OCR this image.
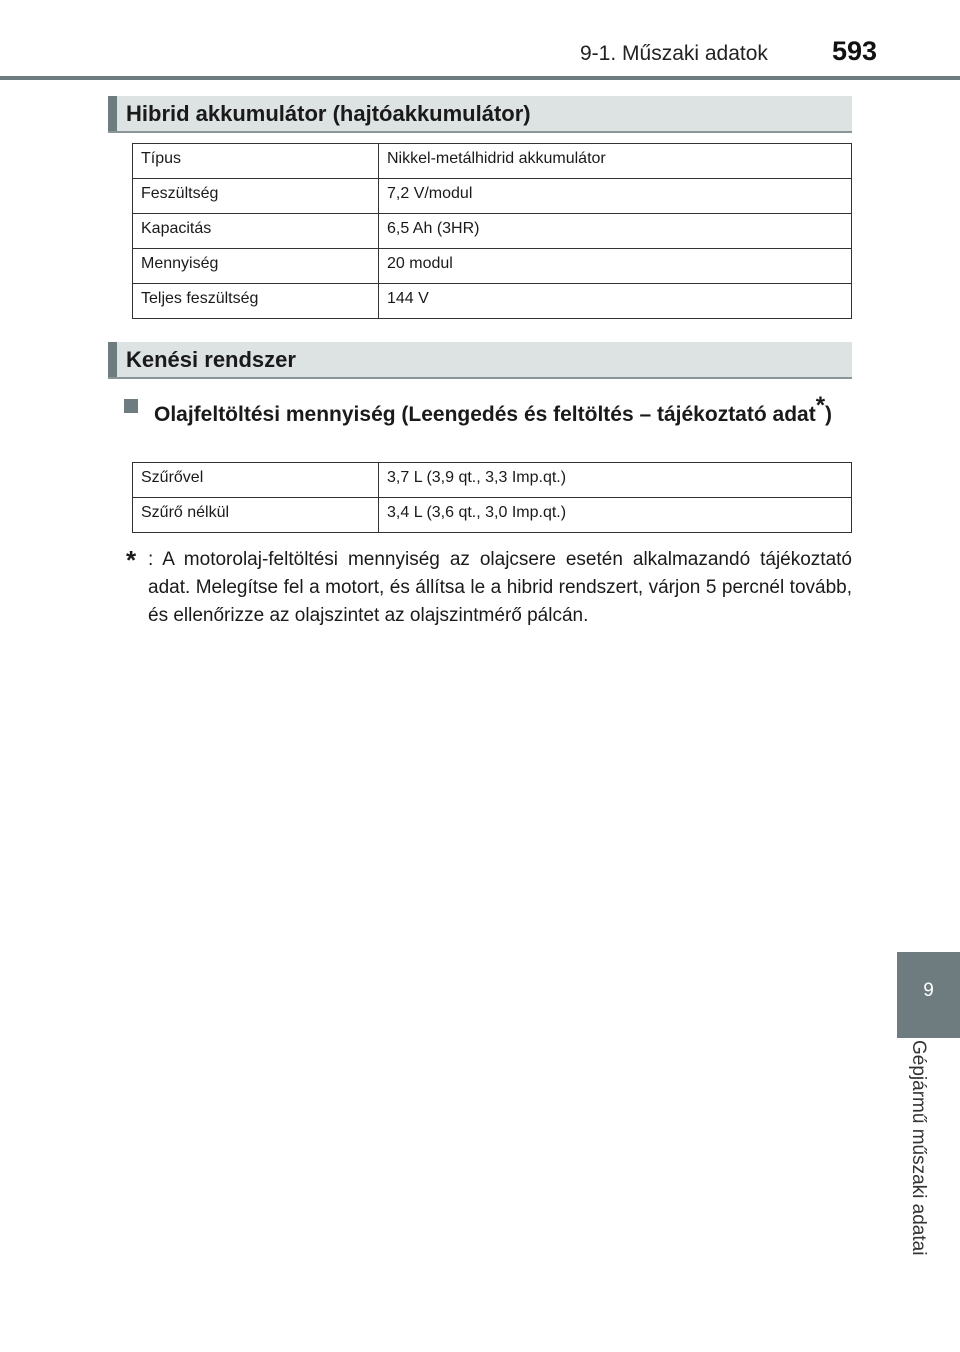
9-1. Műszaki adatok 593
Hibrid akkumulátor (hajtóakkumulátor)
Típus	Nikkel-metálhidrid akkumulátor
Feszültség	7,2 V/modul
Kapacitás	6,5 Ah (3HR)
Mennyiség	20 modul
Teljes feszültség	144 V
Kenési rendszer
Olajfeltöltési mennyiség (Leengedés és feltöltés – tájékoztató adat*)
Szűrővel	3,7 L (3,9 qt., 3,3 Imp.qt.)
Szűrő nélkül	3,4 L (3,6 qt., 3,0 Imp.qt.)
* : A motorolaj-feltöltési mennyiség az olajcsere esetén alkalmazandó tájékoztató adat. Melegítse fel a motort, és állítsa le a hibrid rendszert, várjon 5 percnél tovább, és ellenőrizze az olajszintet az olajszintmérő pálcán.
9
Gépjármű műszaki adatai
